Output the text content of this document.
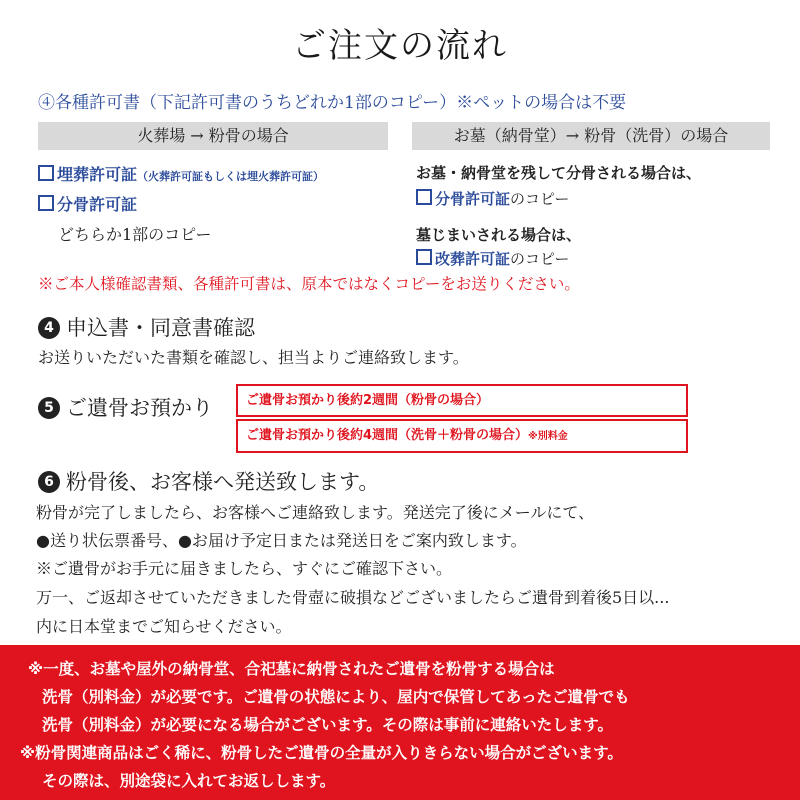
ご注文の流れ
④各種許可書（下記許可書のうちどれか1部のコピー）※ペットの場合は不要
火葬場 → 粉骨の場合
埋葬許可証（火葬許可証もしくは埋火葬許可証）
分骨許可証
どちらか1部のコピー
お墓（納骨堂）→ 粉骨（洗骨）の場合
お墓・納骨堂を残して分骨される場合は、
分骨許可証のコピー
墓じまいされる場合は、
改葬許可証のコピー
※ご本人様確認書類、各種許可書は、原本ではなくコピーをお送りください。
4 申込書・同意書確認
お送りいただいた書類を確認し、担当よりご連絡致します。
5 ご遺骨お預かり	ご遺骨お預かり後約2週間（粉骨の場合）
ご遺骨お預かり後約4週間（洗骨＋粉骨の場合）※別料金
6 粉骨後、お客様へ発送致します。
粉骨が完了しましたら、お客様へご連絡致します。発送完了後にメールにて、
●送り状伝票番号、●お届け予定日または発送日をご案内致します。
※ご遺骨がお手元に届きましたら、すぐにご確認下さい。
万一、ご返却させていただきました骨壺に破損などございましたらご遺骨到着後5日以...
内に日本堂までご知らせください。
※一度、お墓や屋外の納骨堂、合祀墓に納骨されたご遺骨を粉骨する場合は
洗骨（別料金）が必要です。ご遺骨の状態により、屋内で保管してあったご遺骨でも
洗骨（別料金）が必要になる場合がございます。その際は事前に連絡いたします。
※粉骨関連商品はごく稀に、粉骨したご遺骨の全量が入りきらない場合がございます。
その際は、別途袋に入れてお返しします。
